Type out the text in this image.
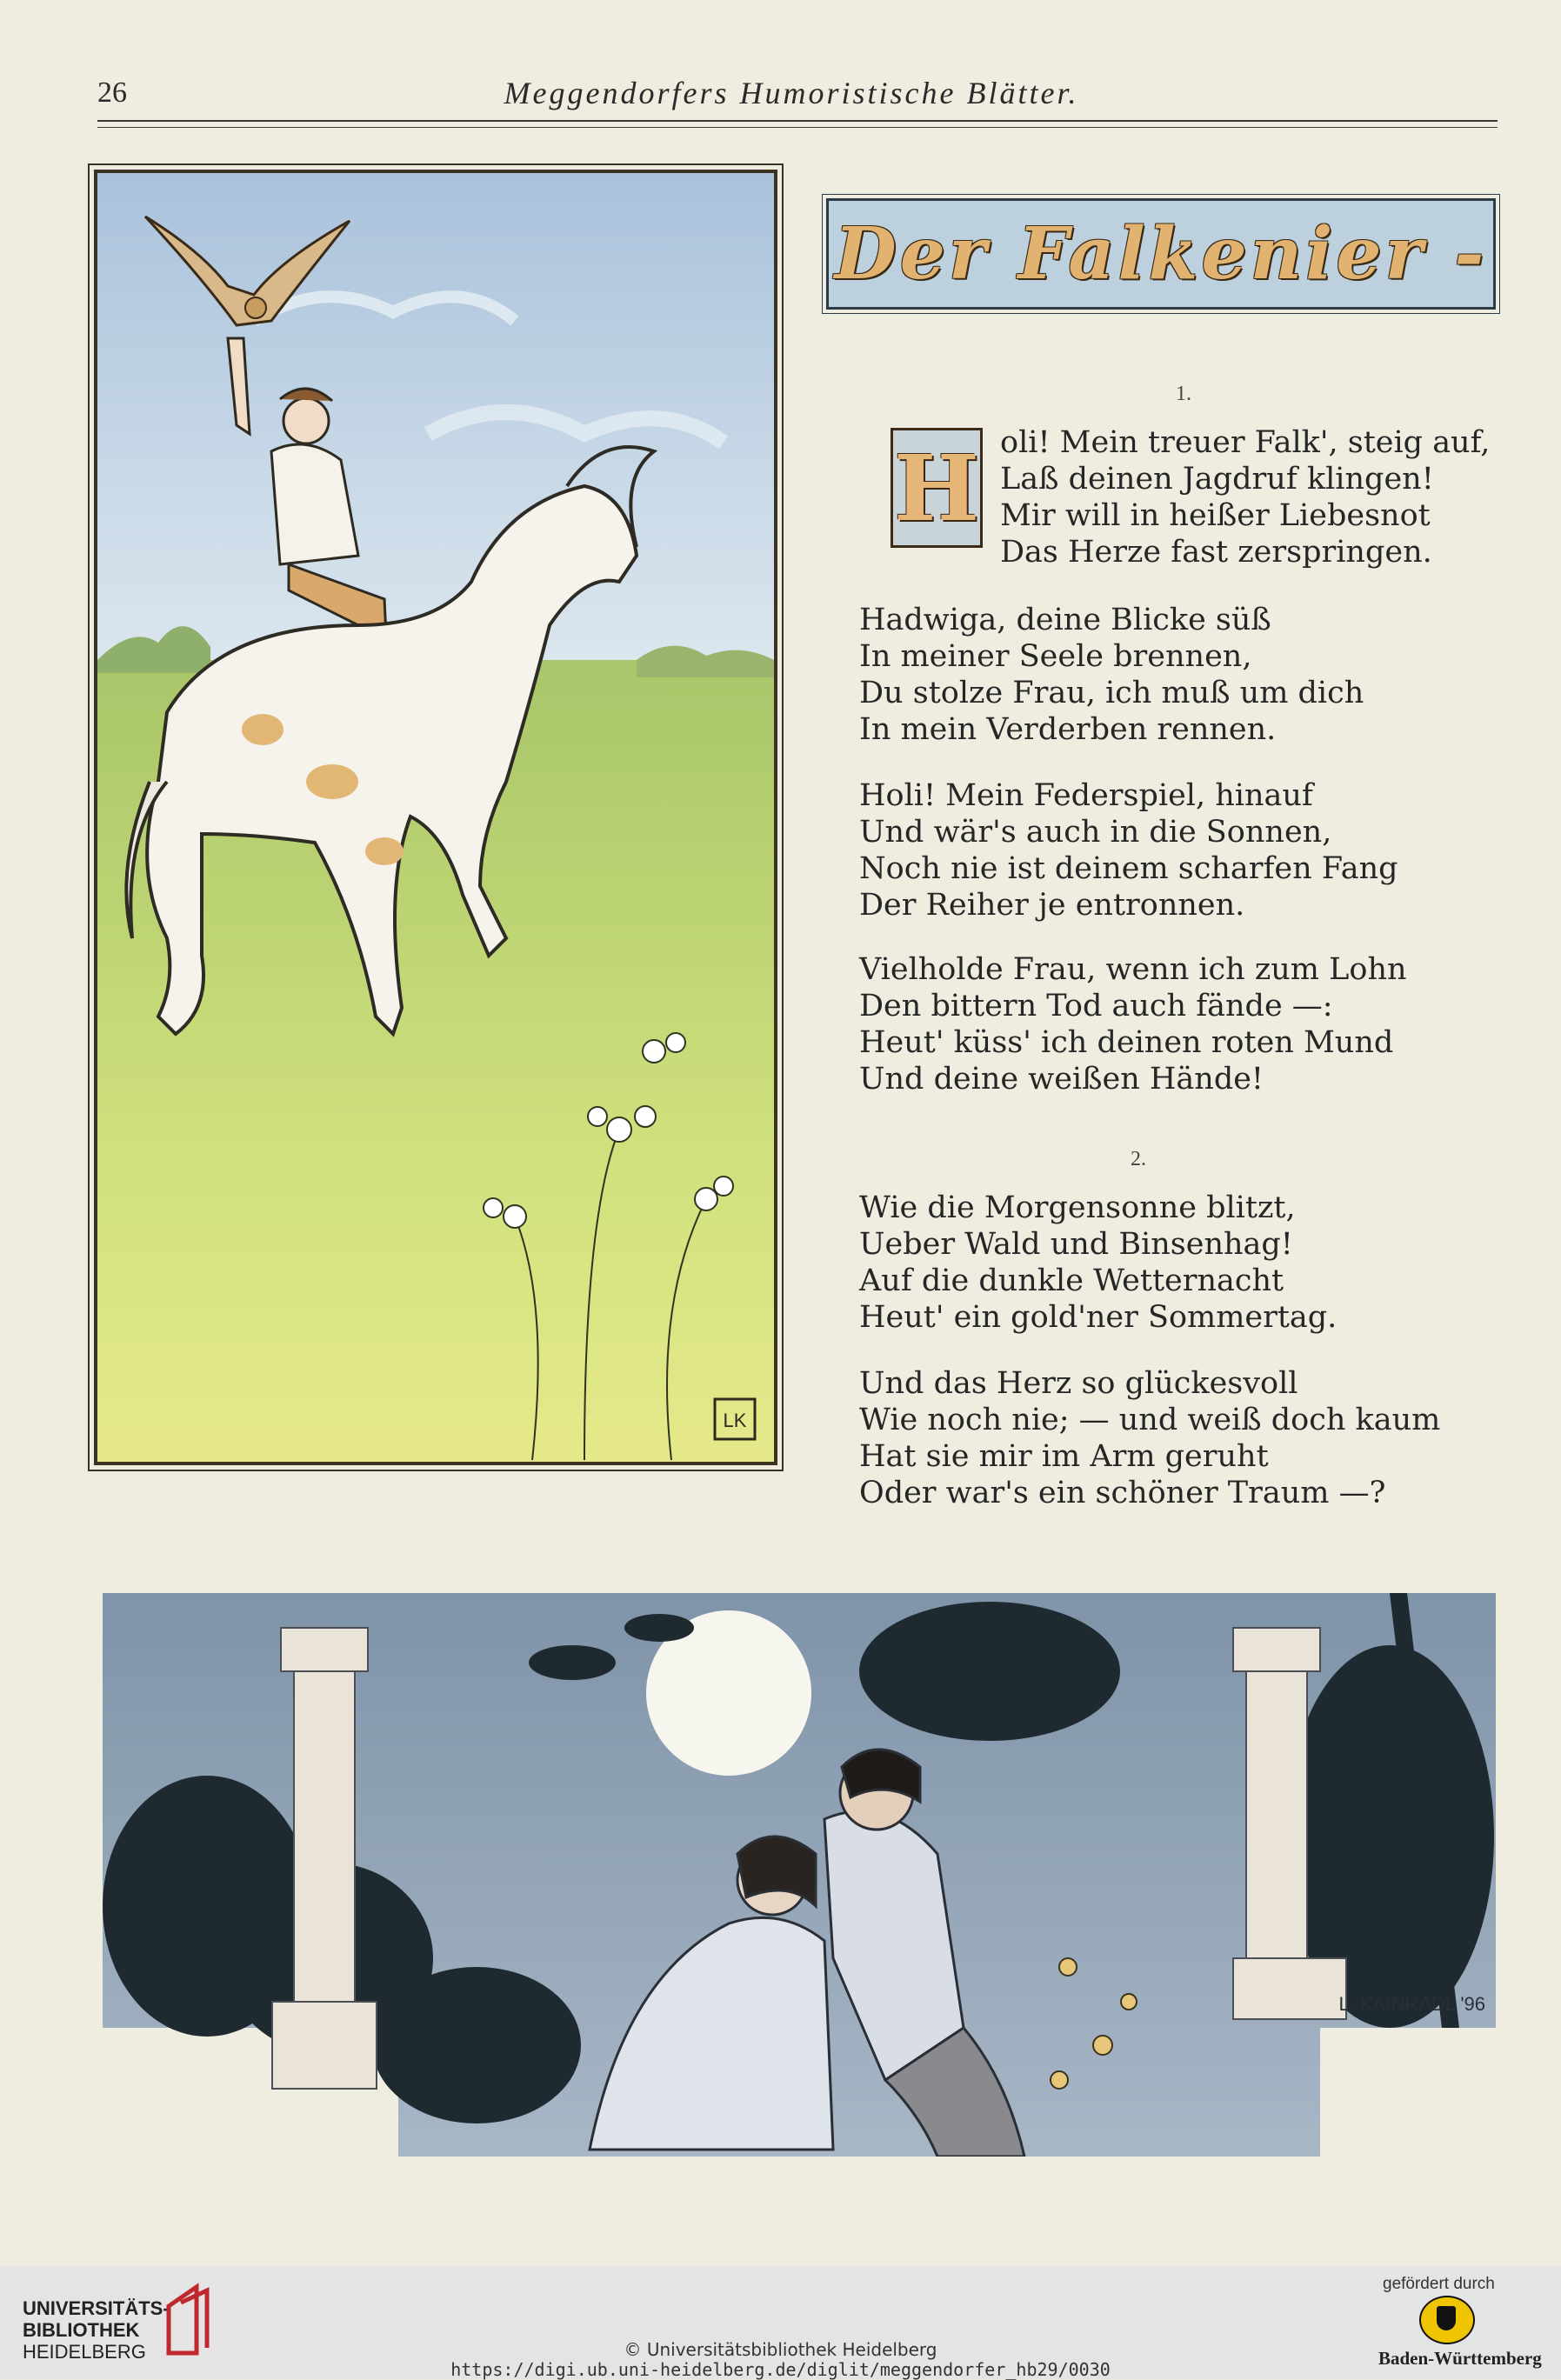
26	Meggendorfers Humoristische Blätter.
LK
Der Falkenier -
1.
H oli! Mein treuer Falk', steig auf,
Laß deinen Jagdruf klingen!
Mir will in heißer Liebesnot
Das Herze fast zerspringen.
Hadwiga, deine Blicke süß
In meiner Seele brennen,
Du stolze Frau, ich muß um dich
In mein Verderben rennen.
Holi! Mein Federspiel, hinauf
Und wär's auch in die Sonnen,
Noch nie ist deinem scharfen Fang
Der Reiher je entronnen.
Vielholde Frau, wenn ich zum Lohn
Den bittern Tod auch fände —:
Heut' küss' ich deinen roten Mund
Und deine weißen Hände!
2.
Wie die Morgensonne blitzt,
Ueber Wald und Binsenhag!
Auf die dunkle Wetternacht
Heut' ein gold'ner Sommertag.
Und das Herz so glückesvoll
Wie noch nie; — und weiß doch kaum
Hat sie mir im Arm geruht
Oder war's ein schöner Traum —?
L. KAINRADL '96
UNIVERSITÄTS-
BIBLIOTHEK
HEIDELBERG	© Universitätsbibliothek Heidelberg
https://digi.ub.uni-heidelberg.de/diglit/meggendorfer_hb29/0030
gefördert durch
Baden-Württemberg
